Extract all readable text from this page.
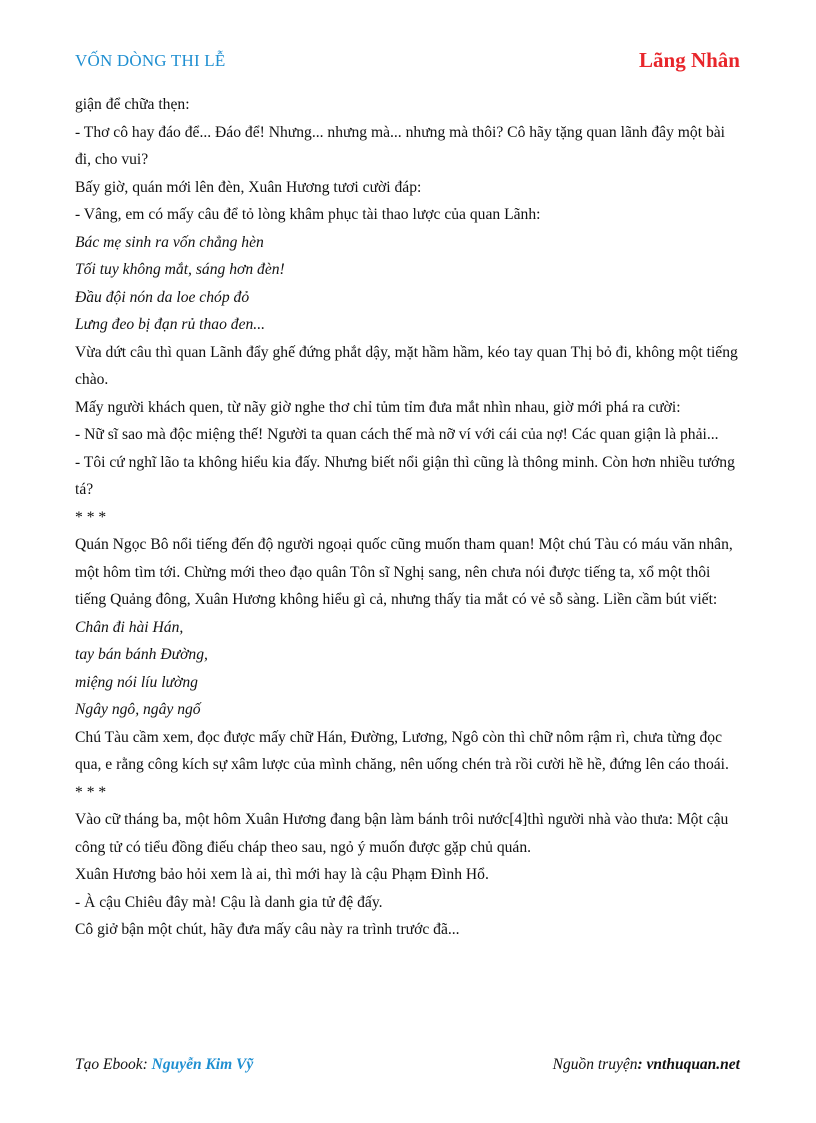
VỐN DÒNG THI LỄ	Lãng Nhân

giận để chữa thẹn:

- Thơ cô hay đáo để... Đáo để! Nhưng... nhưng mà... nhưng mà thôi? Cô hãy tặng quan lãnh đây một bài đi, cho vui?

Bấy giờ, quán mới lên đèn, Xuân Hương tươi cười đáp:

- Vâng, em có mấy câu để tỏ lòng khâm phục tài thao lược của quan Lãnh:

Bác mẹ sinh ra vốn chẳng hèn

Tối tuy không mắt, sáng hơn đèn!

Đầu đội nón da loe chóp đỏ

Lưng đeo bị đạn rủ thao đen...

Vừa dứt câu thì quan Lãnh đẩy ghế đứng phắt dậy, mặt hầm hầm, kéo tay quan Thị bỏ đi, không một tiếng chào.

Mấy người khách quen, từ nãy giờ nghe thơ chỉ tủm tỉm đưa mắt nhìn nhau, giờ mới phá ra cười:

- Nữ sĩ sao mà độc miệng thế! Người ta quan cách thế mà nỡ ví với cái của nợ! Các quan giận là phải...

- Tôi cứ nghĩ lão ta không hiểu kia đấy. Nhưng biết nổi giận thì cũng là thông minh. Còn hơn nhiều tướng tá?

* * *

Quán Ngọc Bô nổi tiếng đến độ người ngoại quốc cũng muốn tham quan! Một chú Tàu có máu văn nhân, một hôm tìm tới. Chừng mới theo đạo quân Tôn sĩ Nghị sang, nên chưa nói được tiếng ta, xổ một thôi tiếng Quảng đông, Xuân Hương không hiểu gì cả, nhưng thấy tia mắt có vẻ sỗ sàng. Liền cầm bút viết:

Chân đi hài Hán,

tay bán bánh Đường,

miệng nói líu lường

Ngây ngô, ngây ngố

Chú Tàu cầm xem, đọc được mấy chữ Hán, Đường, Lương, Ngô còn thì chữ nôm rậm rì, chưa từng đọc qua, e rằng công kích sự xâm lược của mình chăng, nên uống chén trà rồi cười hề hề, đứng lên cáo thoái.

* * *

Vào cữ tháng ba, một hôm Xuân Hương đang bận làm bánh trôi nước[4]thì người nhà vào thưa: Một cậu công tử có tiểu đồng điếu cháp theo sau, ngỏ ý muốn được gặp chủ quán.

Xuân Hương bảo hỏi xem là ai, thì mới hay là cậu Phạm Đình Hổ.

- À cậu Chiêu đây mà! Cậu là danh gia tử đệ đấy.

Cô giở bận một chút, hãy đưa mấy câu này ra trình trước đã...

Tạo Ebook: Nguyễn Kim Vỹ	Nguồn truyện: vnthuquan.net
